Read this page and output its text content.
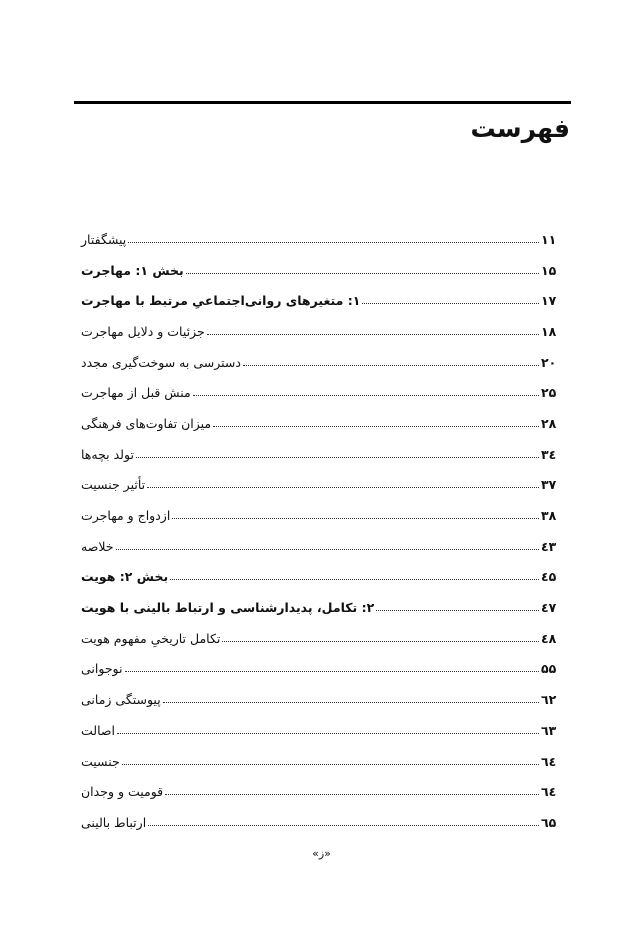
فهرست
پیشگفتار	۱۱
بخش ۱: مهاجرت	۱۵
۱: متغیرهای روانی‌اجتماعیِ مرتبط با مهاجرت	۱۷
جزئیات و دلایل مهاجرت	۱۸
دسترسی به سوخت‌گیری مجدد	۲۰
منش قبل از مهاجرت	۲۵
میزان تفاوت‌های فرهنگی	۲۸
تولد بچه‌ها	۳٤
تأثیر جنسیت	۳۷
ازدواج و مهاجرت	۳۸
خلاصه	٤۳
بخش ۲: هویت	٤۵
۲: تکامل، پدیدارشناسی و ارتباط بالینی با هویت	٤۷
تکامل تاریخیِ مفهوم هویت	٤۸
نوجوانی	۵۵
پیوستگی زمانی	٦۲
اصالت	٦۳
جنسیت	٦٤
قومیت و وجدان	٦٤
ارتباط بالینی	٦۵
«ز»
